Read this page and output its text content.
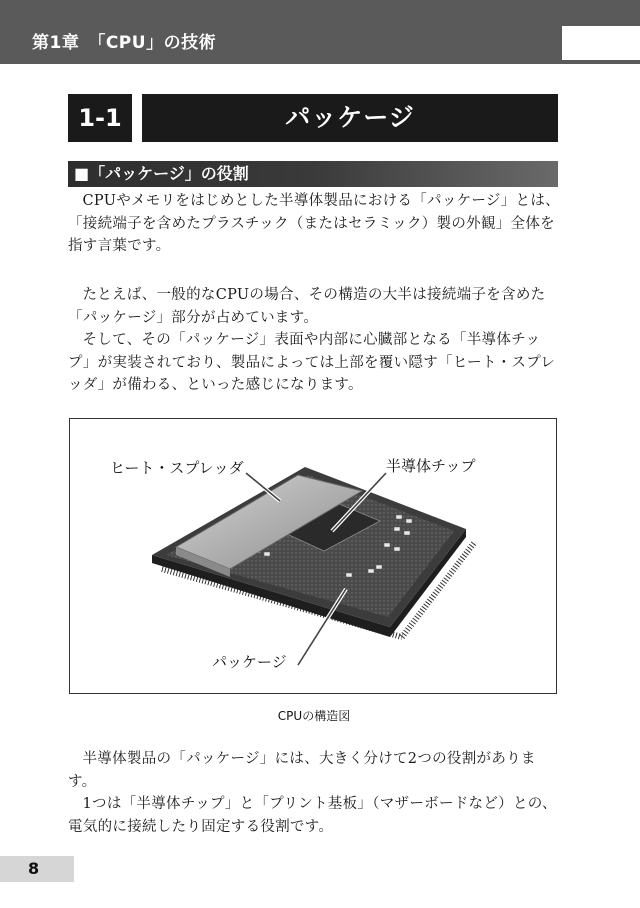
第1章　「CPU」の技術
1-1	パッケージ
■「パッケージ」の役割

CPUやメモリをはじめとした半導体製品における「パッケージ」とは、「接続端子を含めたプラスチック（またはセラミック）製の外観」全体を指す言葉です。

たとえば、一般的なCPUの場合、その構造の大半は接続端子を含めた「パッケージ」部分が占めています。

そして、その「パッケージ」表面や内部に心臓部となる「半導体チップ」が実装されており、製品によっては上部を覆い隠す「ヒート・スプレッダ」が備わる、といった感じになります。

ヒート・スプレッダ	半導体チップ
パッケージ
CPUの構造図

半導体製品の「パッケージ」には、大きく分けて2つの役割があります。

1つは「半導体チップ」と「プリント基板」（マザーボードなど）との、電気的に接続したり固定する役割です。

8
